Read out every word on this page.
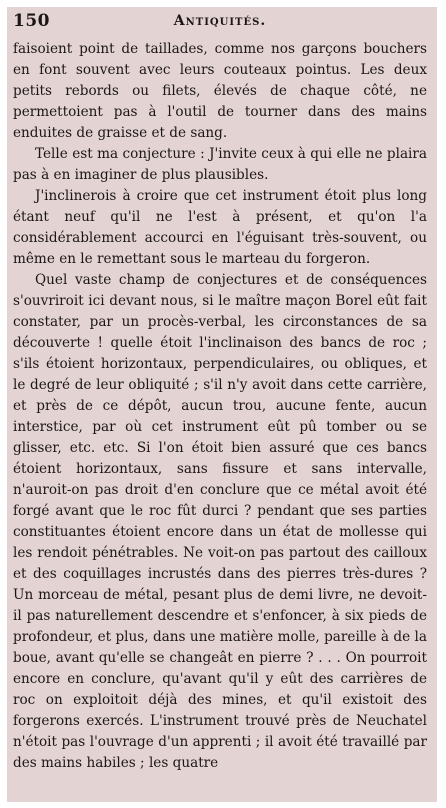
150	Antiquités.

faisoient point de taillades, comme nos garçons bouchers en font souvent avec leurs couteaux pointus. Les deux petits rebords ou filets, élevés de chaque côté, ne permettoient pas à l'outil de tourner dans des mains enduites de graisse et de sang.

Telle est ma conjecture : J'invite ceux à qui elle ne plaira pas à en imaginer de plus plausibles.

J'inclinerois à croire que cet instrument étoit plus long étant neuf qu'il ne l'est à présent, et qu'on l'a considérablement accourci en l'éguisant très-souvent, ou même en le remettant sous le marteau du forgeron.

Quel vaste champ de conjectures et de conséquences s'ouvriroit ici devant nous, si le maître maçon Borel eût fait constater, par un procès-verbal, les circonstances de sa découverte ! quelle étoit l'inclinaison des bancs de roc ; s'ils étoient horizontaux, perpendiculaires, ou obliques, et le degré de leur obliquité ; s'il n'y avoit dans cette carrière, et près de ce dépôt, aucun trou, aucune fente, aucun interstice, par où cet instrument eût pû tomber ou se glisser, etc. etc. Si l'on étoit bien assuré que ces bancs étoient horizontaux, sans fissure et sans intervalle, n'auroit-on pas droit d'en conclure que ce métal avoit été forgé avant que le roc fût durci ? pendant que ses parties constituantes étoient encore dans un état de mollesse qui les rendoit pénétrables. Ne voit-on pas partout des cailloux et des coquillages incrustés dans des pierres très-dures ? Un morceau de métal, pesant plus de demi livre, ne devoit-il pas naturellement descendre et s'enfoncer, à six pieds de profondeur, et plus, dans une matière molle, pareille à de la boue, avant qu'elle se changeât en pierre ? . . . On pourroit encore en conclure, qu'avant qu'il y eût des carrières de roc on exploitoit déjà des mines, et qu'il existoit des forgerons exercés. L'instrument trouvé près de Neuchatel n'étoit pas l'ouvrage d'un apprenti ; il avoit été travaillé par des mains habiles ; les quatre
